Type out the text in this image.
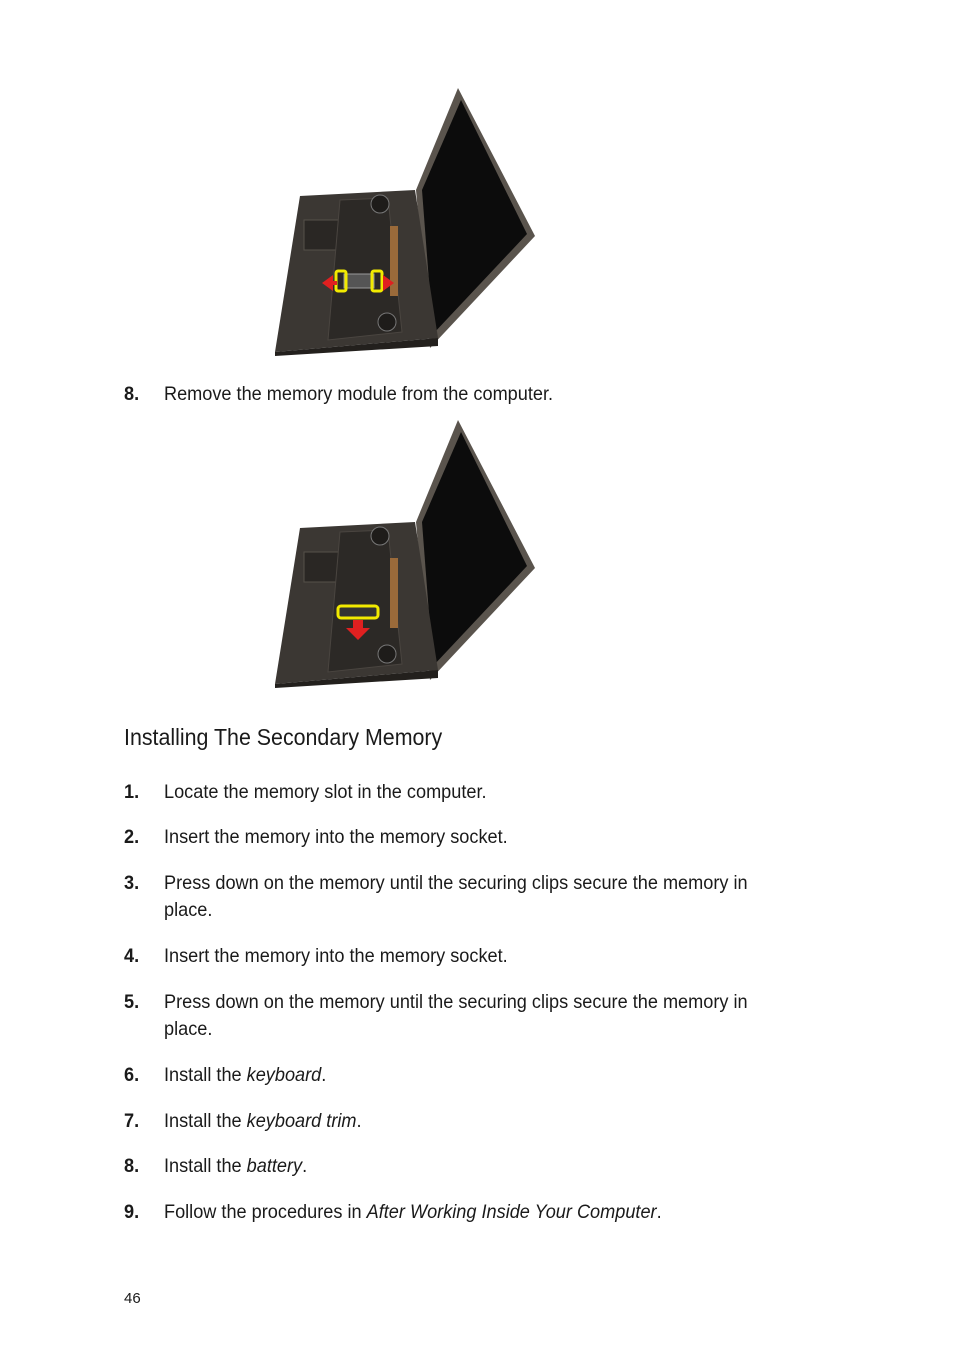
8. Remove the memory module from the computer.
Installing The Secondary Memory
1. Locate the memory slot in the computer.
2. Insert the memory into the memory socket.
3. Press down on the memory until the securing clips secure the memory in place.
4. Insert the memory into the memory socket.
5. Press down on the memory until the securing clips secure the memory in place.
6. Install the keyboard.
7. Install the keyboard trim.
8. Install the battery.
9. Follow the procedures in After Working Inside Your Computer.
46
